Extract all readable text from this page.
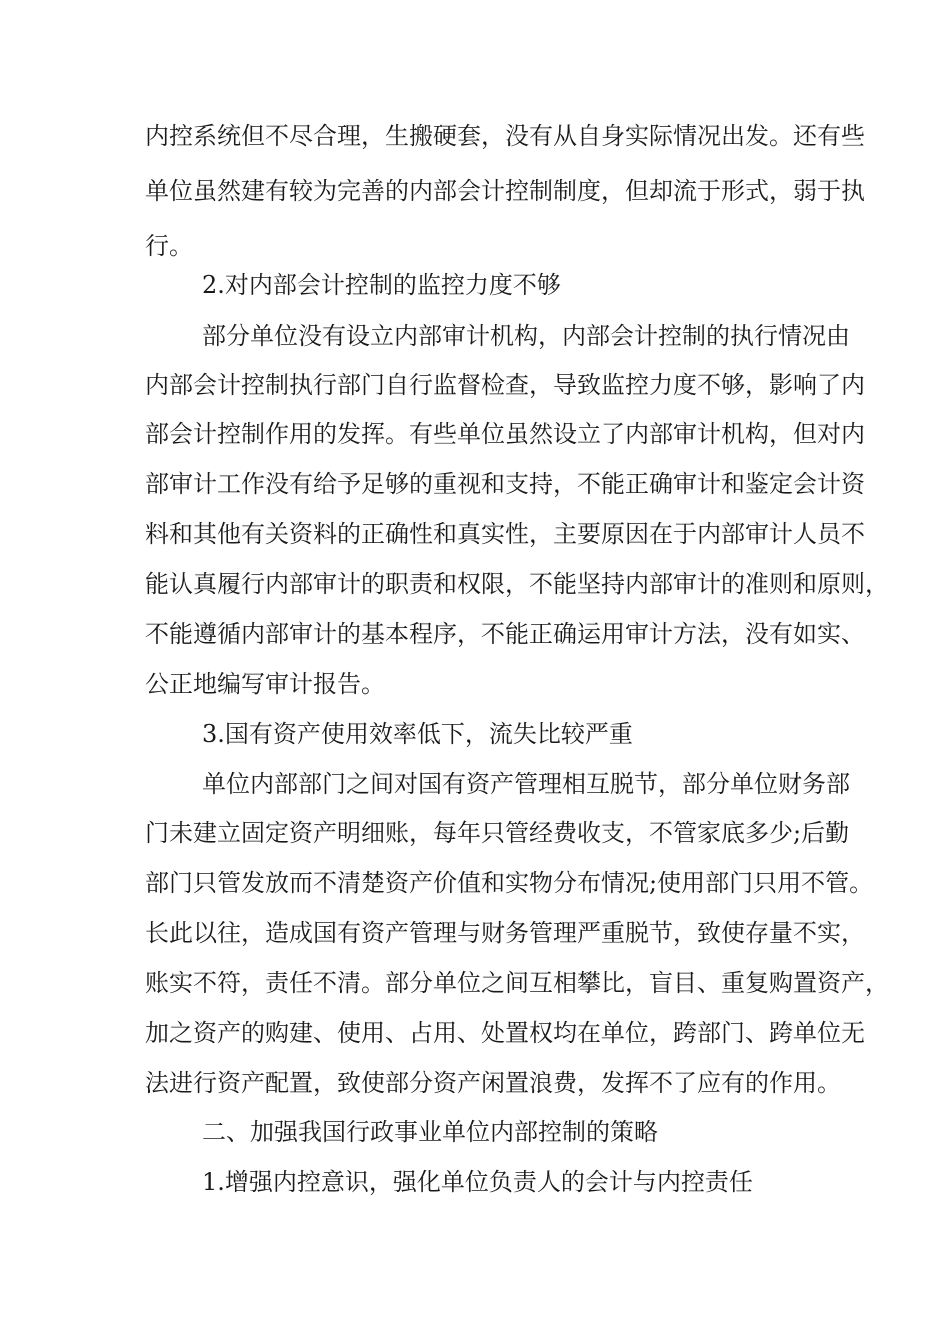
内控系统但不尽合理，生搬硬套，没有从自身实际情况出发。还有些

单位虽然建有较为完善的内部会计控制制度，但却流于形式，弱于执

行。

2.对内部会计控制的监控力度不够

部分单位没有设立内部审计机构，内部会计控制的执行情况由

内部会计控制执行部门自行监督检查，导致监控力度不够，影响了内

部会计控制作用的发挥。有些单位虽然设立了内部审计机构，但对内

部审计工作没有给予足够的重视和支持，不能正确审计和鉴定会计资

料和其他有关资料的正确性和真实性，主要原因在于内部审计人员不

能认真履行内部审计的职责和权限，不能坚持内部审计的准则和原则，

不能遵循内部审计的基本程序，不能正确运用审计方法，没有如实、

公正地编写审计报告。

3.国有资产使用效率低下，流失比较严重

单位内部部门之间对国有资产管理相互脱节，部分单位财务部

门未建立固定资产明细账，每年只管经费收支，不管家底多少;后勤

部门只管发放而不清楚资产价值和实物分布情况;使用部门只用不管。

长此以往，造成国有资产管理与财务管理严重脱节，致使存量不实，

账实不符，责任不清。部分单位之间互相攀比，盲目、重复购置资产，

加之资产的购建、使用、占用、处置权均在单位，跨部门、跨单位无

法进行资产配置，致使部分资产闲置浪费，发挥不了应有的作用。

二、加强我国行政事业单位内部控制的策略

1.增强内控意识，强化单位负责人的会计与内控责任
